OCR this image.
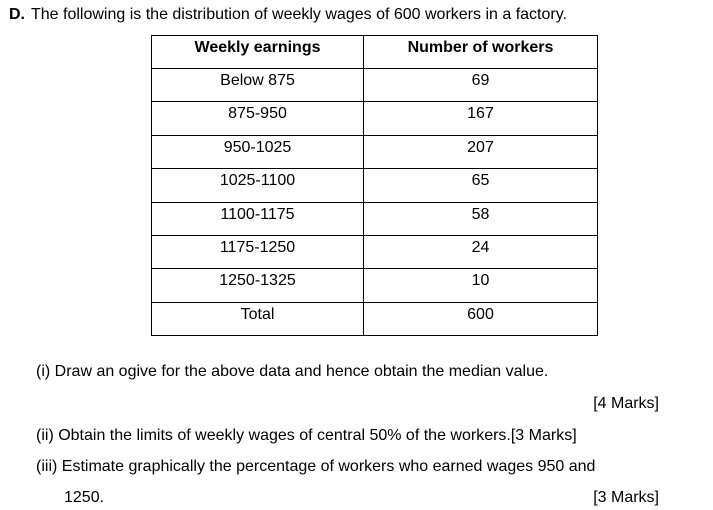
D. The following is the distribution of weekly wages of 600 workers in a factory.
Weekly earnings	Number of workers
Below 875	69
875-950	167
950-1025	207
1025-1100	65
1100-1175	58
1175-1250	24
1250-1325	10
Total	600
(i) Draw an ogive for the above data and hence obtain the median value.
[4 Marks]
(ii) Obtain the limits of weekly wages of central 50% of the workers.[3 Marks]
(iii) Estimate graphically the percentage of workers who earned wages 950 and
1250.	[3 Marks]
